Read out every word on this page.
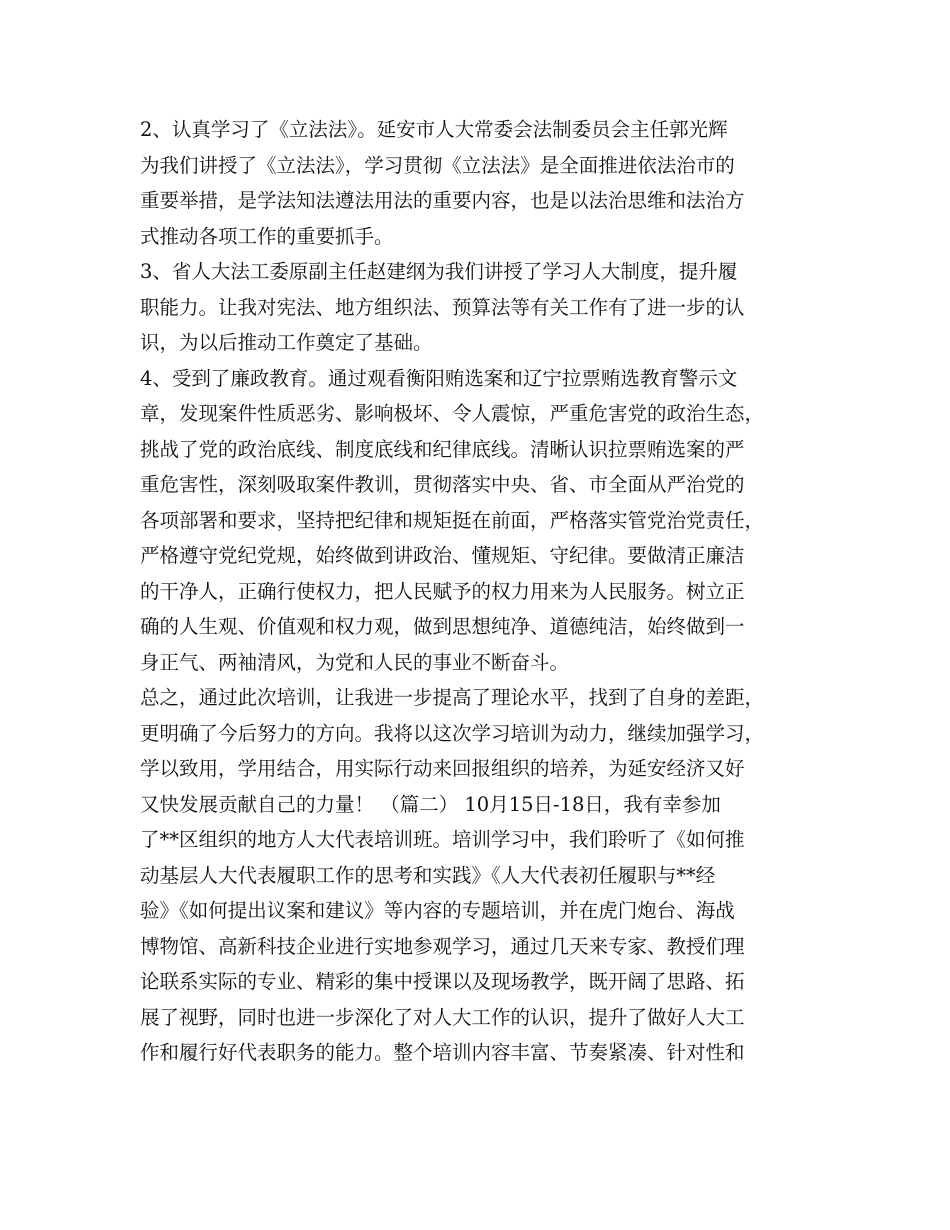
2、认真学习了《立法法》。延安市人大常委会法制委员会主任郭光辉
为我们讲授了《立法法》，学习贯彻《立法法》是全面推进依法治市的
重要举措，是学法知法遵法用法的重要内容，也是以法治思维和法治方
式推动各项工作的重要抓手。
3、省人大法工委原副主任赵建纲为我们讲授了学习人大制度，提升履
职能力。让我对宪法、地方组织法、预算法等有关工作有了进一步的认
识，为以后推动工作奠定了基础。
4、受到了廉政教育。通过观看衡阳贿选案和辽宁拉票贿选教育警示文
章，发现案件性质恶劣、影响极坏、令人震惊，严重危害党的政治生态，
挑战了党的政治底线、制度底线和纪律底线。清晰认识拉票贿选案的严
重危害性，深刻吸取案件教训，贯彻落实中央、省、市全面从严治党的
各项部署和要求，坚持把纪律和规矩挺在前面，严格落实管党治党责任，
严格遵守党纪党规，始终做到讲政治、懂规矩、守纪律。要做清正廉洁
的干净人，正确行使权力，把人民赋予的权力用来为人民服务。树立正
确的人生观、价值观和权力观，做到思想纯净、道德纯洁，始终做到一
身正气、两袖清风，为党和人民的事业不断奋斗。
总之，通过此次培训，让我进一步提高了理论水平，找到了自身的差距，
更明确了今后努力的方向。我将以这次学习培训为动力，继续加强学习，
学以致用，学用结合，用实际行动来回报组织的培养，为延安经济又好
又快发展贡献自己的力量！ （篇二） 10月15日-18日，我有幸参加
了**区组织的地方人大代表培训班。培训学习中，我们聆听了《如何推
动基层人大代表履职工作的思考和实践》《人大代表初任履职与**经
验》《如何提出议案和建议》等内容的专题培训，并在虎门炮台、海战
博物馆、高新科技企业进行实地参观学习，通过几天来专家、教授们理
论联系实际的专业、精彩的集中授课以及现场教学，既开阔了思路、拓
展了视野，同时也进一步深化了对人大工作的认识，提升了做好人大工
作和履行好代表职务的能力。整个培训内容丰富、节奏紧凑、针对性和
